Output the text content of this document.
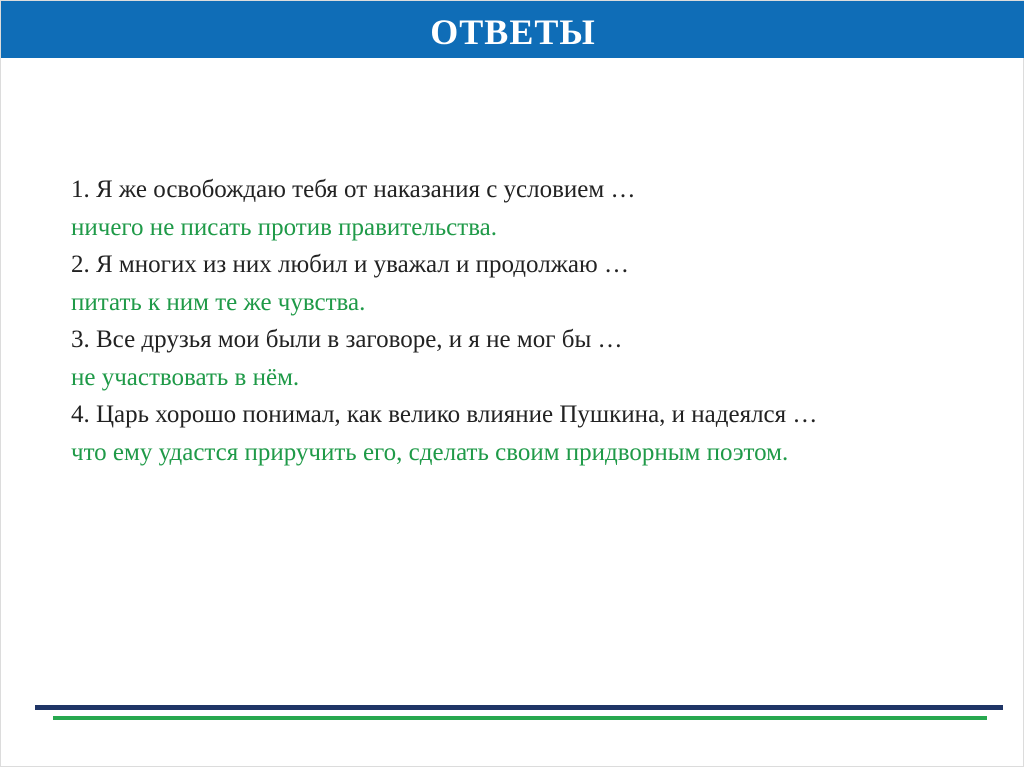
ОТВЕТЫ

1. Я же освобождаю тебя от наказания с условием …

ничего не писать против правительства.

2. Я многих из них любил и уважал и продолжаю …

питать к ним те же чувства.

3. Все друзья мои были в заговоре, и я не мог бы …

не участвовать в нём.

4. Царь хорошо понимал, как велико влияние Пушкина, и надеялся …

что ему удастся приручить его, сделать своим придворным поэтом.
